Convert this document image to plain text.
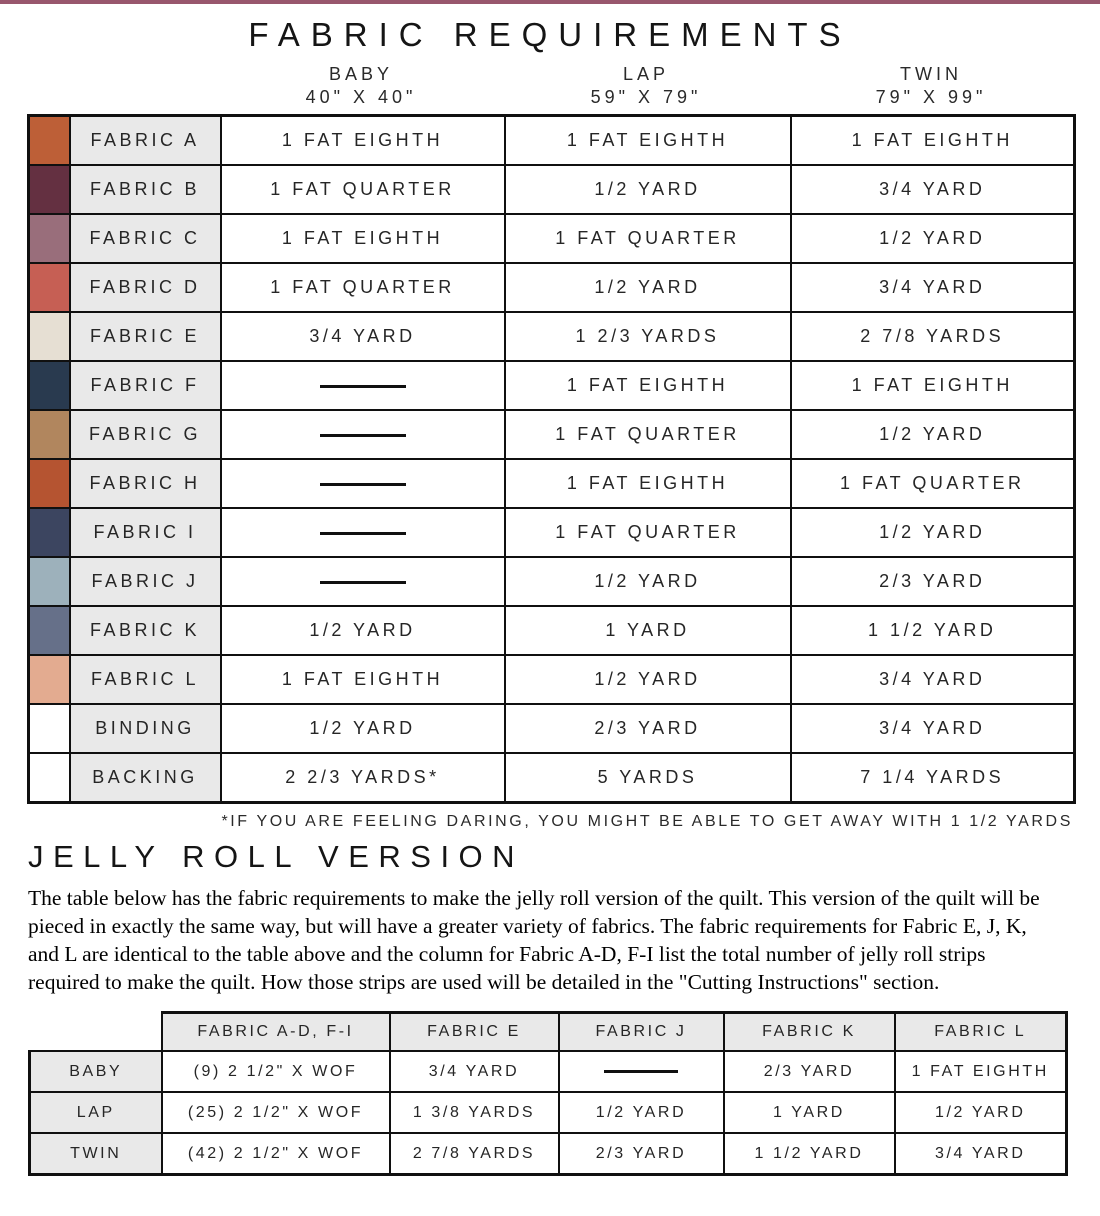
FABRIC REQUIREMENTS
BABY
40" X 40"
LAP
59" X 79"
TWIN
79" X 99"
	FABRIC A	1 FAT EIGHTH	1 FAT EIGHTH	1 FAT EIGHTH
	FABRIC B	1 FAT QUARTER	1/2 YARD	3/4 YARD
	FABRIC C	1 FAT EIGHTH	1 FAT QUARTER	1/2 YARD
	FABRIC D	1 FAT QUARTER	1/2 YARD	3/4 YARD
	FABRIC E	3/4 YARD	1 2/3 YARDS	2 7/8 YARDS
	FABRIC F		1 FAT EIGHTH	1 FAT EIGHTH
	FABRIC G		1 FAT QUARTER	1/2 YARD
	FABRIC H		1 FAT EIGHTH	1 FAT QUARTER
	FABRIC I		1 FAT QUARTER	1/2 YARD
	FABRIC J		1/2 YARD	2/3 YARD
	FABRIC K	1/2 YARD	1 YARD	1 1/2 YARD
	FABRIC L	1 FAT EIGHTH	1/2 YARD	3/4 YARD
	BINDING	1/2 YARD	2/3 YARD	3/4 YARD
	BACKING	2 2/3 YARDS*	5 YARDS	7 1/4 YARDS
*IF YOU ARE FEELING DARING, YOU MIGHT BE ABLE TO GET AWAY WITH 1 1/2 YARDS
JELLY ROLL VERSION
The table below has the fabric requirements to make the jelly roll version of the quilt. This version of the quilt will be pieced in exactly the same way, but will have a greater variety of fabrics. The fabric requirements for Fabric E, J, K, and L are identical to the table above and the column for Fabric A-D, F-I list the total number of jelly roll strips required to make the quilt. How those strips are used will be detailed in the "Cutting Instructions" section.
	FABRIC A-D, F-I	FABRIC E	FABRIC J	FABRIC K	FABRIC L
BABY	(9) 2 1/2" X WOF	3/4 YARD		2/3 YARD	1 FAT EIGHTH
LAP	(25) 2 1/2" X WOF	1 3/8 YARDS	1/2 YARD	1 YARD	1/2 YARD
TWIN	(42) 2 1/2" X WOF	2 7/8 YARDS	2/3 YARD	1 1/2 YARD	3/4 YARD
